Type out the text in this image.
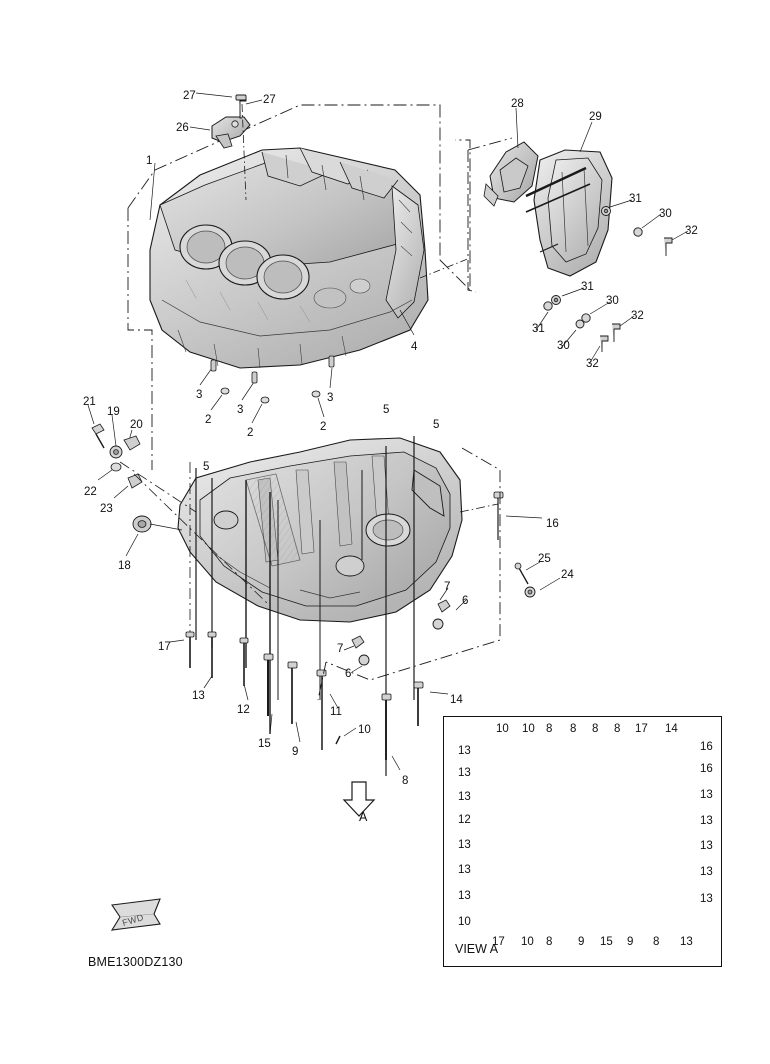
VIEW A
A
FWD
BME1300DZ130
27	27
26
1
28
29
31
30
32
31
30
32
31
30
32
4
3
2
3
2
3
2
21
19
20
22
23
18
5
5
5
16
25
24
7
6
7
6
17
13
12
15
9
11
10
14
8
10 10 8 8 8 8 17 14
13	16
13	16
13	13
12	13
13	13
13	13
13	13
10
17 10 8 9 15 9 8 13
